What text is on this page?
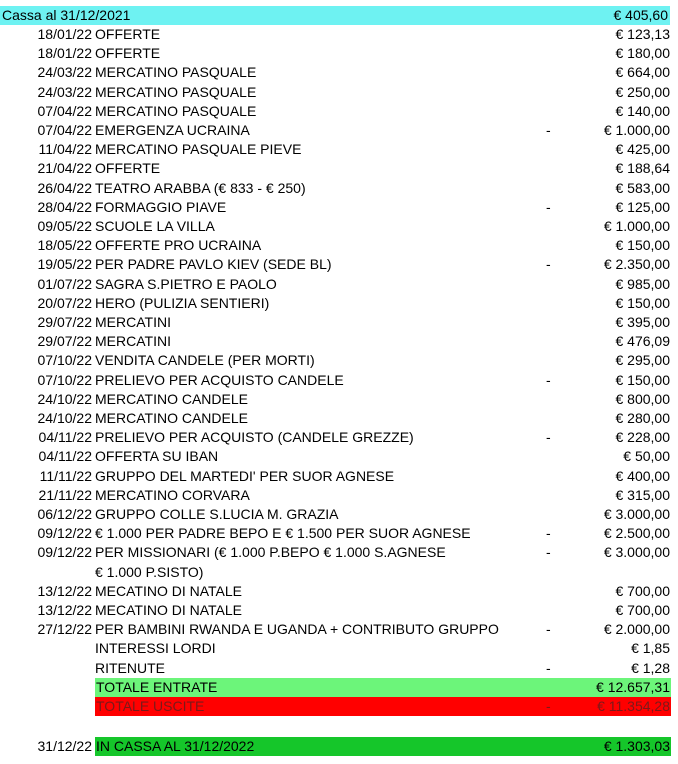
Cassa al 31/12/2021	€ 405,60
18/01/22 OFFERTE	€ 123,13
18/01/22 OFFERTE	€ 180,00
24/03/22 MERCATINO PASQUALE	€ 664,00
24/03/22 MERCATINO PASQUALE	€ 250,00
07/04/22 MERCATINO PASQUALE	€ 140,00
07/04/22 EMERGENZA UCRAINA	-	€ 1.000,00
11/04/22 MERCATINO PASQUALE PIEVE	€ 425,00
21/04/22 OFFERTE	€ 188,64
26/04/22 TEATRO ARABBA (€ 833 - € 250)	€ 583,00
28/04/22 FORMAGGIO PIAVE	-	€ 125,00
09/05/22 SCUOLE LA VILLA	€ 1.000,00
18/05/22 OFFERTE PRO UCRAINA	€ 150,00
19/05/22 PER PADRE PAVLO KIEV (SEDE BL)	-	€ 2.350,00
01/07/22 SAGRA S.PIETRO E PAOLO	€ 985,00
20/07/22 HERO (PULIZIA SENTIERI)	€ 150,00
29/07/22 MERCATINI	€ 395,00
29/07/22 MERCATINI	€ 476,09
07/10/22 VENDITA CANDELE (PER MORTI)	€ 295,00
07/10/22 PRELIEVO PER ACQUISTO CANDELE	-	€ 150,00
24/10/22 MERCATINO CANDELE	€ 800,00
24/10/22 MERCATINO CANDELE	€ 280,00
04/11/22 PRELIEVO PER ACQUISTO (CANDELE GREZZE)	-	€ 228,00
04/11/22 OFFERTA SU IBAN	€ 50,00
11/11/22 GRUPPO DEL MARTEDI' PER SUOR AGNESE	€ 400,00
21/11/22 MERCATINO CORVARA	€ 315,00
06/12/22 GRUPPO COLLE S.LUCIA M. GRAZIA	€ 3.000,00
09/12/22 € 1.000 PER PADRE BEPO E € 1.500 PER SUOR AGNESE	-	€ 2.500,00
09/12/22 PER MISSIONARI (€ 1.000 P.BEPO € 1.000 S.AGNESE	-	€ 3.000,00
€ 1.000 P.SISTO)
13/12/22 MECATINO DI NATALE	€ 700,00
13/12/22 MECATINO DI NATALE	€ 700,00
27/12/22 PER BAMBINI RWANDA E UGANDA + CONTRIBUTO GRUPPO	-	€ 2.000,00
INTERESSI LORDI	€ 1,85
RITENUTE	-	€ 1,28
TOTALE ENTRATE	€ 12.657,31
TOTALE USCITE	-	€ 11.354,28
31/12/22 IN CASSA AL 31/12/2022	€ 1.303,03
